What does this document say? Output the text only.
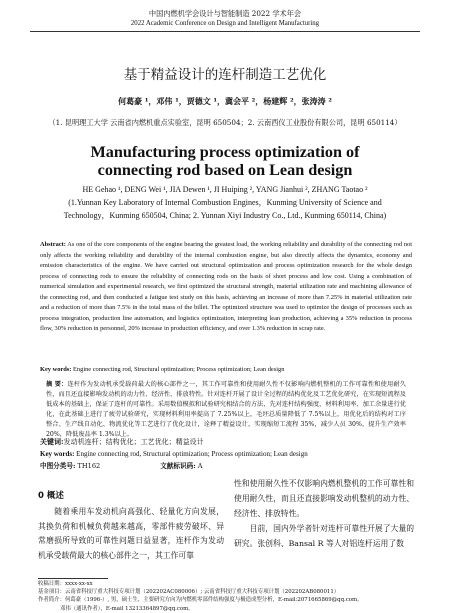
中国内燃机学会设计与智能制造 2022 学术年会
2022 Academic Conference on Design and Intelligent Manufacturing
基于精益设计的连杆制造工艺优化
何葛豪 ¹，邓伟 ¹，贾德文 ¹，冀会平 ²，杨建辉 ²，张涛涛 ²
（1. 昆明理工大学 云南省内燃机重点实验室，昆明 650504；2. 云南西仪工业股份有限公司，昆明 650114）
Manufacturing process optimization of connecting rod based on Lean design
HE Gehao ¹, DENG Wei ¹, JIA Dewen ¹, JI Huiping ², YANG Jianhui ², ZHANG Taotao ²
(1.Yunnan Key Laboratory of Internal Combustion Engines，Kunming University of Science and Technology，Kunming 650504, China; 2. Yunnan Xiyi Industry Co., Ltd., Kunming 650114, China)

Abstract: As one of the core components of the engine bearing the greatest load, the working reliability and durability of the connecting rod not only affects the working reliability and durability of the internal combustion engine, but also directly affects the dynamics, economy and emission characteristics of the engine. We have carried out structural optimization and process optimization research for the whole design process of connecting rods to ensure the reliability of connecting rods on the basis of short process and low cost. Using a combination of numerical simulation and experimental research, we first optimized the structural strength, material utilization rate and machining allowance of the connecting rod, and then conducted a fatigue test study on this basis, achieving an increase of more than 7.25% in material utilization rate and a reduction of more than 7.5% in the total mass of the billet. The optimized structure was used to optimize the design of processes such as process integration, production line automation, and logistics optimization, interpreting lean production, achieving a 35% reduction in process flow, 30% reduction in personnel, 20% increase in production efficiency, and over 1.3% reduction in scrap rate.

Key words: Engine connecting rod, Structural optimization; Process optimization; Lean design

摘 要：连杆作为发动机承受载荷最大的核心部件之一，其工作可靠性和使用耐久性不仅影响内燃机整机的工作可靠性和使用耐久性，而且还直接影响发动机的动力性、经济性、排放特性。针对连杆开展了设计全过程的结构优化及工艺优化研究，在实现短流程及低成本的基础上，保证了连杆的可靠性。采用数值模拟和试验研究相结合的方法，先对连杆结构强度、材料利用率、加工余量进行优化，在此基础上进行了疲劳试验研究，实现材料利用率提高了 7.25%以上，毛坯总质量降低了 7.5%以上，用优化后的结构对工序整合、生产线自动化、物流优化等工艺进行了优化设计，诠释了精益设计，实现缩短工流程 35%，减少人员 30%，提升生产效率 20%，降低废品率 1.3%以上。

关键词:发动机连杆；结构优化；工艺优化；精益设计

Key words: Engine connecting rod, Structural optimization; Process optimization; Lean design

中图分类号: TH162	文献标识码: A

0 概述

　　随着乘用车发动机向高强化、轻量化方向发展，其换负荷和机械负荷越来越高，零部件疲劳破坏、异常磨损所导致的可靠性问题日益显著，连杆作为发动机承受载荷最大的核心部件之一，其工作可靠

性和使用耐久性不仅影响内燃机整机的工作可靠性和使用耐久性，而且还直接影响发动机整机的动力性、经济性、排放特性。

　　目前，国内外学者针对连杆可靠性开展了大量的研究。张创科、Bansal R 等人对铝连杆运用了数

收稿日期：xxxx-xx-xx
基金项目：云南省科技厅重大科技专项计划（202202AC080006）; 云南省科技厅重大科技专项计划（202202AB080011）
作者简介：何葛豪（1996-）, 男，硕士生，主要研究方向为内燃机零部件结构强度与极造成型分析，E-mail:2071665869@qq.com。
邓伟（通讯作者），E-mail 13213364897@qq.com。
